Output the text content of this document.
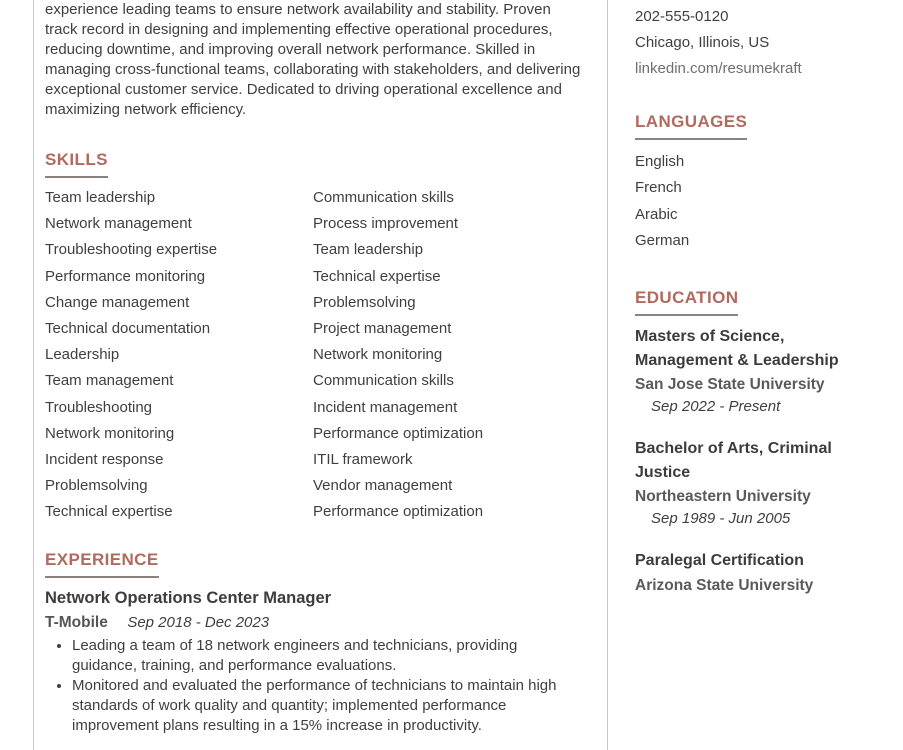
experience leading teams to ensure network availability and stability. Proven track record in designing and implementing effective operational procedures, reducing downtime, and improving overall network performance. Skilled in managing cross-functional teams, collaborating with stakeholders, and delivering exceptional customer service. Dedicated to driving operational excellence and maximizing network efficiency.

SKILLS
Team leadership
Network management
Troubleshooting expertise
Performance monitoring
Change management
Technical documentation
Leadership
Team management
Troubleshooting
Network monitoring
Incident response
Problemsolving
Technical expertise
Communication skills
Process improvement
Team leadership
Technical expertise
Problemsolving
Project management
Network monitoring
Communication skills
Incident management
Performance optimization
ITIL framework
Vendor management
Performance optimization
EXPERIENCE
Network Operations Center Manager
T-Mobile Sep 2018 - Dec 2023
• Leading a team of 18 network engineers and technicians, providing guidance, training, and performance evaluations.
• Monitored and evaluated the performance of technicians to maintain high standards of work quality and quantity; implemented performance improvement plans resulting in a 15% increase in productivity.
202-555-0120
Chicago, Illinois, US
linkedin.com/resumekraft
LANGUAGES
English
French
Arabic
German
EDUCATION
Masters of Science, Management & Leadership
San Jose State University
Sep 2022 - Present
Bachelor of Arts, Criminal Justice
Northeastern University
Sep 1989 - Jun 2005
Paralegal Certification
Arizona State University
